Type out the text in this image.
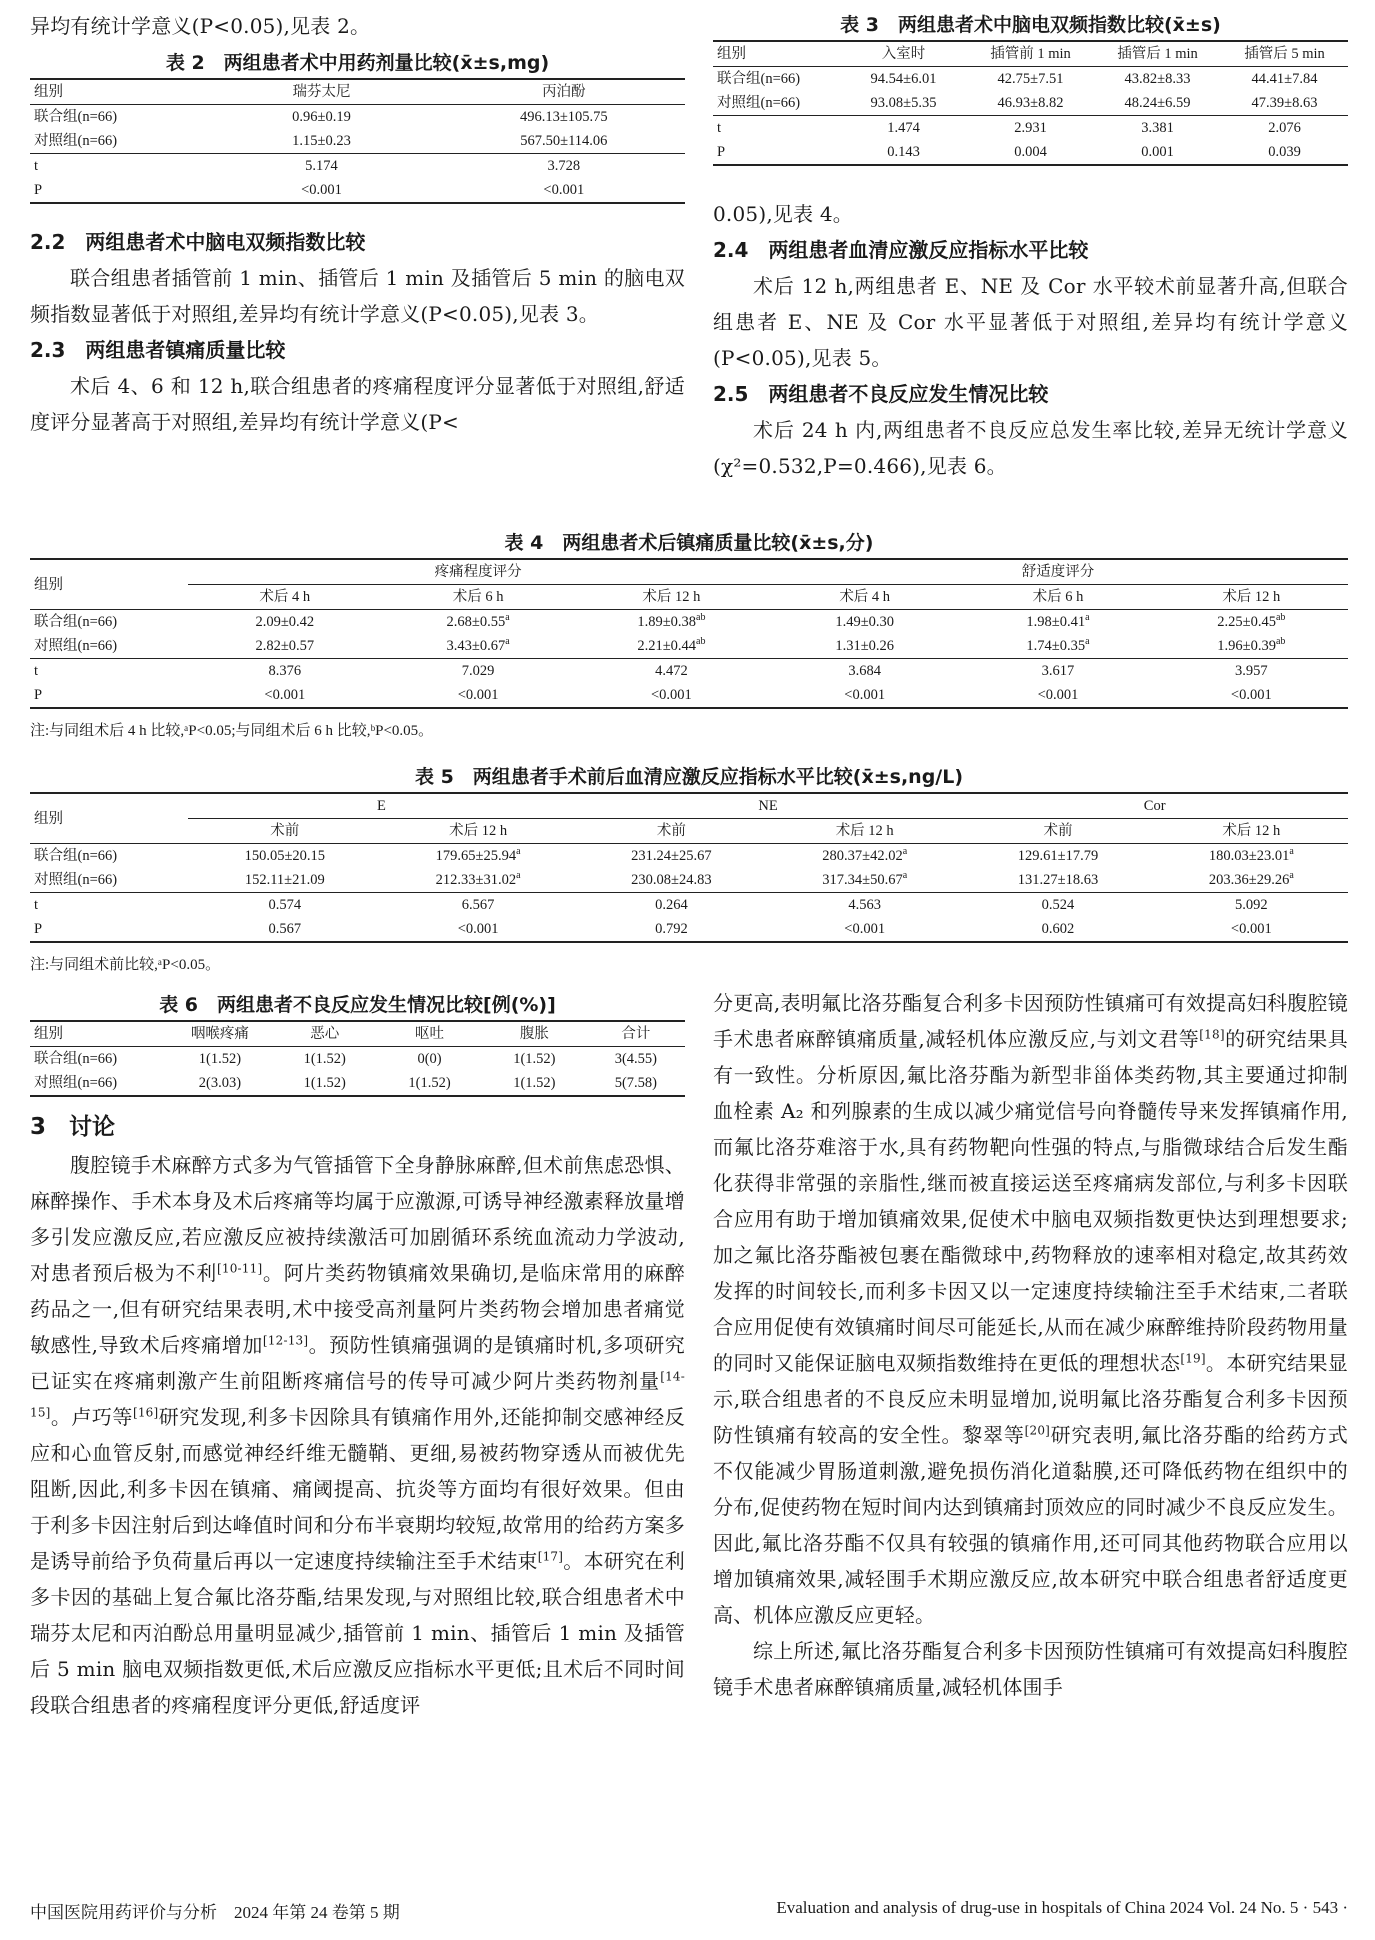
异均有统计学意义(P<0.05),见表 2。
表 2　两组患者术中用药剂量比较(x̄±s,mg)
组别	瑞芬太尼	丙泊酚
联合组(n=66)	0.96±0.19	496.13±105.75
对照组(n=66)	1.15±0.23	567.50±114.06
t	5.174	3.728
P	<0.001	<0.001
2.2　两组患者术中脑电双频指数比较
联合组患者插管前 1 min、插管后 1 min 及插管后 5 min 的脑电双频指数显著低于对照组,差异均有统计学意义(P<0.05),见表 3。
2.3　两组患者镇痛质量比较
术后 4、6 和 12 h,联合组患者的疼痛程度评分显著低于对照组,舒适度评分显著高于对照组,差异均有统计学意义(P<
表 3　两组患者术中脑电双频指数比较(x̄±s)
组别	入室时	插管前 1 min	插管后 1 min	插管后 5 min
联合组(n=66)	94.54±6.01	42.75±7.51	43.82±8.33	44.41±7.84
对照组(n=66)	93.08±5.35	46.93±8.82	48.24±6.59	47.39±8.63
t	1.474	2.931	3.381	2.076
P	0.143	0.004	0.001	0.039
0.05),见表 4。
2.4　两组患者血清应激反应指标水平比较
术后 12 h,两组患者 E、NE 及 Cor 水平较术前显著升高,但联合组患者 E、NE 及 Cor 水平显著低于对照组,差异均有统计学意义(P<0.05),见表 5。
2.5　两组患者不良反应发生情况比较
术后 24 h 内,两组患者不良反应总发生率比较,差异无统计学意义(χ²=0.532,P=0.466),见表 6。
表 4　两组患者术后镇痛质量比较(x̄±s,分)
组别	疼痛程度评分			舒适度评分		
	术后 4 h	术后 6 h	术后 12 h	术后 4 h	术后 6 h	术后 12 h
联合组(n=66)	2.09±0.42	2.68±0.55$^a$	1.89±0.38$^{ab}$	1.49±0.30	1.98±0.41$^a$	2.25±0.45$^{ab}$
对照组(n=66)	2.82±0.57	3.43±0.67$^a$	2.21±0.44$^{ab}$	1.31±0.26	1.74±0.35$^a$	1.96±0.39$^{ab}$
t	8.376	7.029	4.472	3.684	3.617	3.957
P	<0.001	<0.001	<0.001	<0.001	<0.001	<0.001
注:与同组术后 4 h 比较,ᵃP<0.05;与同组术后 6 h 比较,ᵇP<0.05。
表 5　两组患者手术前后血清应激反应指标水平比较(x̄±s,ng/L)
组别	E		NE		Cor	
	术前	术后 12 h	术前	术后 12 h	术前	术后 12 h
联合组(n=66)	150.05±20.15	179.65±25.94$^a$	231.24±25.67	280.37±42.02$^a$	129.61±17.79	180.03±23.01$^a$
对照组(n=66)	152.11±21.09	212.33±31.02$^a$	230.08±24.83	317.34±50.67$^a$	131.27±18.63	203.36±29.26$^a$
t	0.574	6.567	0.264	4.563	0.524	5.092
P	0.567	<0.001	0.792	<0.001	0.602	<0.001
注:与同组术前比较,ᵃP<0.05。
表 6　两组患者不良反应发生情况比较[例(%)]
组别	咽喉疼痛	恶心	呕吐	腹胀	合计
联合组(n=66)	1(1.52)	1(1.52)	0(0)	1(1.52)	3(4.55)
对照组(n=66)	2(3.03)	1(1.52)	1(1.52)	1(1.52)	5(7.58)
3　讨论
腹腔镜手术麻醉方式多为气管插管下全身静脉麻醉,但术前焦虑恐惧、麻醉操作、手术本身及术后疼痛等均属于应激源,可诱导神经激素释放量增多引发应激反应,若应激反应被持续激活可加剧循环系统血流动力学波动,对患者预后极为不利[10-11]。阿片类药物镇痛效果确切,是临床常用的麻醉药品之一,但有研究结果表明,术中接受高剂量阿片类药物会增加患者痛觉敏感性,导致术后疼痛增加[12-13]。预防性镇痛强调的是镇痛时机,多项研究已证实在疼痛刺激产生前阻断疼痛信号的传导可减少阿片类药物剂量[14-15]。卢巧等[16]研究发现,利多卡因除具有镇痛作用外,还能抑制交感神经反应和心血管反射,而感觉神经纤维无髓鞘、更细,易被药物穿透从而被优先阻断,因此,利多卡因在镇痛、痛阈提高、抗炎等方面均有很好效果。但由于利多卡因注射后到达峰值时间和分布半衰期均较短,故常用的给药方案多是诱导前给予负荷量后再以一定速度持续输注至手术结束[17]。本研究在利多卡因的基础上复合氟比洛芬酯,结果发现,与对照组比较,联合组患者术中瑞芬太尼和丙泊酚总用量明显减少,插管前 1 min、插管后 1 min 及插管后 5 min 脑电双频指数更低,术后应激反应指标水平更低;且术后不同时间段联合组患者的疼痛程度评分更低,舒适度评
分更高,表明氟比洛芬酯复合利多卡因预防性镇痛可有效提高妇科腹腔镜手术患者麻醉镇痛质量,减轻机体应激反应,与刘文君等[18]的研究结果具有一致性。分析原因,氟比洛芬酯为新型非甾体类药物,其主要通过抑制血栓素 A₂ 和列腺素的生成以减少痛觉信号向脊髓传导来发挥镇痛作用,而氟比洛芬难溶于水,具有药物靶向性强的特点,与脂微球结合后发生酯化获得非常强的亲脂性,继而被直接运送至疼痛病发部位,与利多卡因联合应用有助于增加镇痛效果,促使术中脑电双频指数更快达到理想要求;加之氟比洛芬酯被包裹在酯微球中,药物释放的速率相对稳定,故其药效发挥的时间较长,而利多卡因又以一定速度持续输注至手术结束,二者联合应用促使有效镇痛时间尽可能延长,从而在减少麻醉维持阶段药物用量的同时又能保证脑电双频指数维持在更低的理想状态[19]。本研究结果显示,联合组患者的不良反应未明显增加,说明氟比洛芬酯复合利多卡因预防性镇痛有较高的安全性。黎翠等[20]研究表明,氟比洛芬酯的给药方式不仅能减少胃肠道刺激,避免损伤消化道黏膜,还可降低药物在组织中的分布,促使药物在短时间内达到镇痛封顶效应的同时减少不良反应发生。因此,氟比洛芬酯不仅具有较强的镇痛作用,还可同其他药物联合应用以增加镇痛效果,减轻围手术期应激反应,故本研究中联合组患者舒适度更高、机体应激反应更轻。
综上所述,氟比洛芬酯复合利多卡因预防性镇痛可有效提高妇科腹腔镜手术患者麻醉镇痛质量,减轻机体围手
中国医院用药评价与分析　2024 年第 24 卷第 5 期	Evaluation and analysis of drug-use in hospitals of China 2024 Vol. 24 No. 5 · 543 ·
